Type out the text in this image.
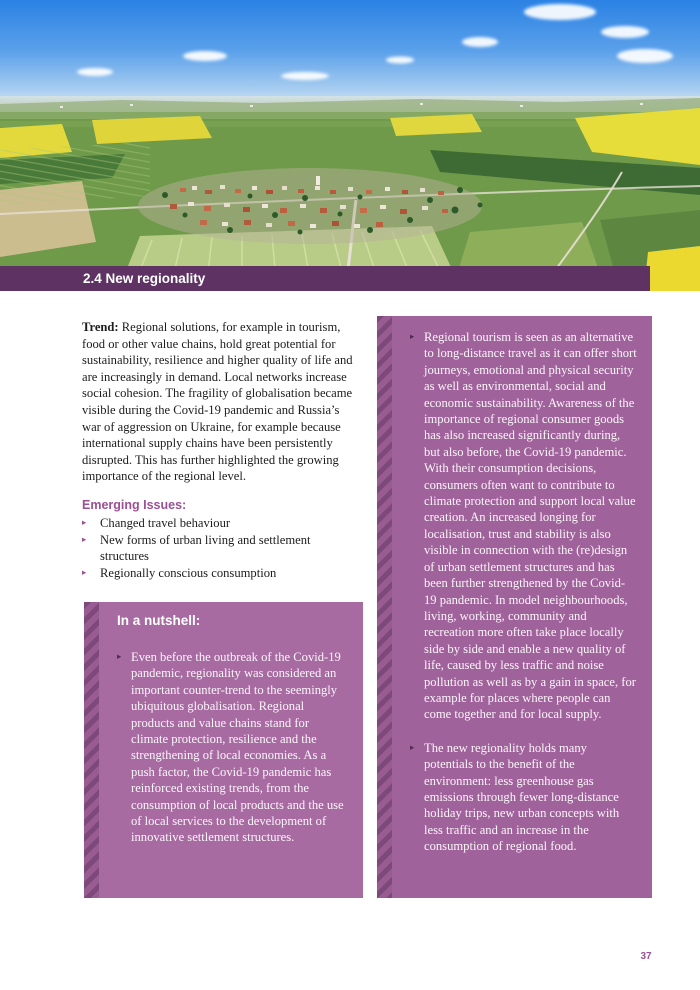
2.4 New regionality

Trend: Regional solutions, for example in tourism, food or other value chains, hold great potential for sustainability, resilience and higher quality of life and are increasingly in demand. Local networks increase social cohesion. The fragility of globalisation became visible during the Covid-19 pandemic and Russia’s war of aggression on Ukraine, for example because international supply chains have been persistently disrupted. This has further highlighted the growing importance of the regional level.

Emerging Issues:
▸ Changed travel behaviour
▸ New forms of urban living and settlement structures
▸ Regionally conscious consumption
In a nutshell:
▸ Even before the outbreak of the Covid-19 pandemic, regionality was considered an important counter-trend to the seemingly ubiquitous globalisation. Regional products and value chains stand for climate protection, resilience and the strengthening of local economies. As a push factor, the Covid-19 pandemic has reinforced existing trends, from the consumption of local products and the use of local services to the development of innovative settlement structures.
▸ Regional tourism is seen as an alternative to long-distance travel as it can offer short journeys, emotional and physical security as well as environmental, social and economic sustainability. Awareness of the importance of regional consumer goods has also increased significantly during, but also before, the Covid-19 pandemic. With their consumption decisions, consumers often want to contribute to climate protection and support local value creation. An increased longing for localisation, trust and stability is also visible in connection with the (re)design of urban settlement structures and has been further strengthened by the Covid-19 pandemic. In model neighbourhoods, living, working, community and recreation more often take place locally side by side and enable a new quality of life, caused by less traffic and noise pollution as well as by a gain in space, for example for places where people can come together and for local supply.
▸ The new regionality holds many potentials to the benefit of the environment: less greenhouse gas emissions through fewer long-distance holiday trips, new urban concepts with less traffic and an increase in the consumption of regional food.
37
